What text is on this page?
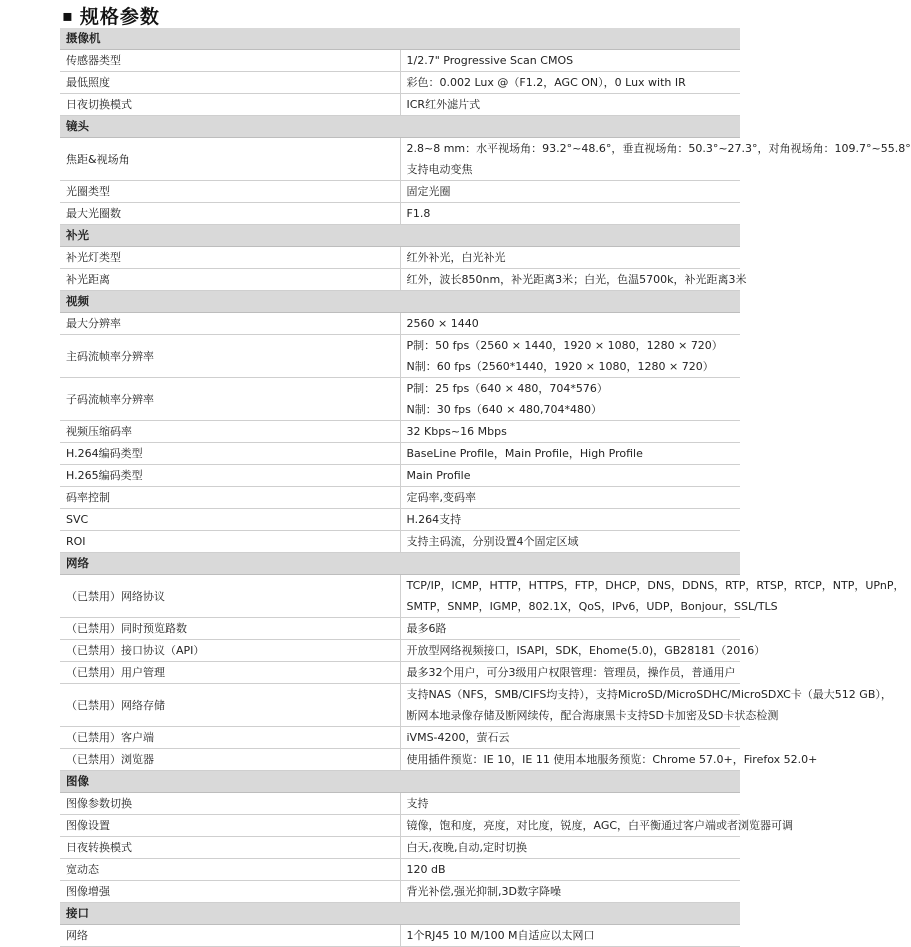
▪ 规格参数
摄像机	
传感器类型	1/2.7" Progressive Scan CMOS

最低照度	彩色：0.002 Lux @（F1.2，AGC ON），0 Lux with IR

日夜切换模式	ICR红外滤片式

镜头	
焦距&视场角	2.8~8 mm：水平视场角：93.2°~48.6°，垂直视场角：50.3°~27.3°，对角视场角：109.7°~55.8°
支持电动变焦

光圈类型	固定光圈

最大光圈数	F1.8

补光	
补光灯类型	红外补光，白光补光

补光距离	红外，波长850nm，补光距离3米；白光，色温5700k，补光距离3米

视频	
最大分辨率	2560 × 1440

主码流帧率分辨率	P制：50 fps（2560 × 1440，1920 × 1080，1280 × 720）
N制：60 fps（2560*1440，1920 × 1080，1280 × 720）

子码流帧率分辨率	P制：25 fps（640 × 480，704*576）
N制：30 fps（640 × 480,704*480）

视频压缩码率	32 Kbps~16 Mbps

H.264编码类型	BaseLine Profile，Main Profile，High Profile

H.265编码类型	Main Profile

码率控制	定码率,变码率

SVC	H.264支持

ROI	支持主码流，分别设置4个固定区域

网络	
（已禁用）网络协议	TCP/IP，ICMP，HTTP，HTTPS，FTP，DHCP，DNS，DDNS，RTP，RTSP，RTCP，NTP，UPnP，
SMTP，SNMP，IGMP，802.1X，QoS，IPv6，UDP，Bonjour，SSL/TLS

（已禁用）同时预览路数	最多6路

（已禁用）接口协议（API）	开放型网络视频接口，ISAPI，SDK，Ehome(5.0)，GB28181（2016）

（已禁用）用户管理	最多32个用户，可分3级用户权限管理：管理员，操作员，普通用户

（已禁用）网络存储	支持NAS（NFS，SMB/CIFS均支持），支持MicroSD/MicroSDHC/MicroSDXC卡（最大512 GB），
断网本地录像存储及断网续传，配合海康黑卡支持SD卡加密及SD卡状态检测

（已禁用）客户端	iVMS-4200，萤石云

（已禁用）浏览器	使用插件预览：IE 10，IE 11 使用本地服务预览：Chrome 57.0+，Firefox 52.0+

图像	
图像参数切换	支持

图像设置	镜像，饱和度，亮度，对比度，锐度，AGC，白平衡通过客户端或者浏览器可调

日夜转换模式	白天,夜晚,自动,定时切换

宽动态	120 dB

图像增强	背光补偿,强光抑制,3D数字降噪

接口	
网络	1个RJ45 10 M/100 M自适应以太网口
